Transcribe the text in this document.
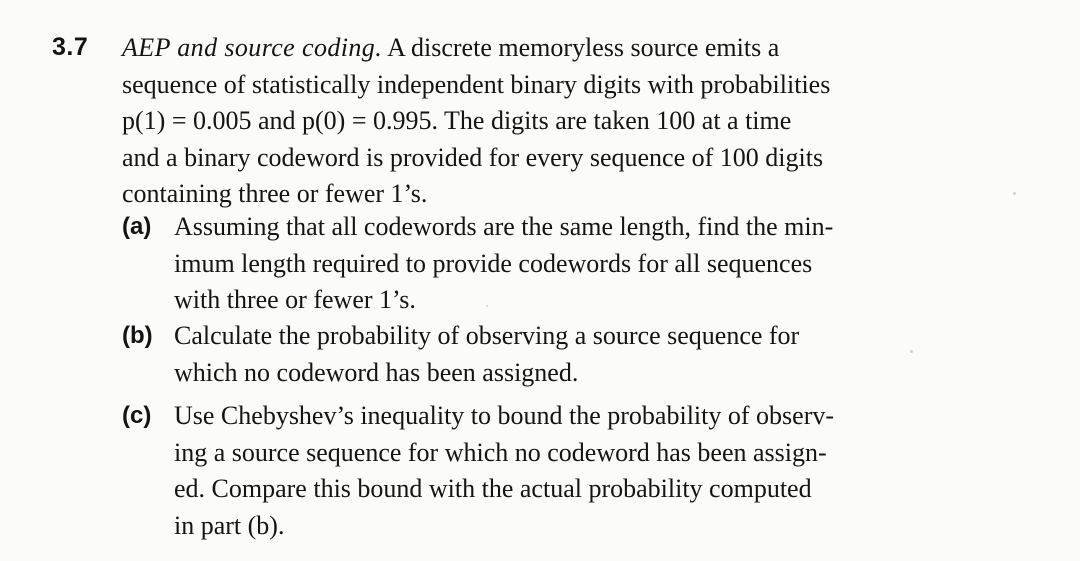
3.7 AEP and source coding. A discrete memoryless source emits a
sequence of statistically independent binary digits with probabilities
p(1) = 0.005 and p(0) = 0.995. The digits are taken 100 at a time
and a binary codeword is provided for every sequence of 100 digits
containing three or fewer 1’s.
(a) Assuming that all codewords are the same length, find the min-
imum length required to provide codewords for all sequences
with three or fewer 1’s.
(b) Calculate the probability of observing a source sequence for
which no codeword has been assigned.
(c) Use Chebyshev’s inequality to bound the probability of observ-
ing a source sequence for which no codeword has been assign-
ed. Compare this bound with the actual probability computed
in part (b).
